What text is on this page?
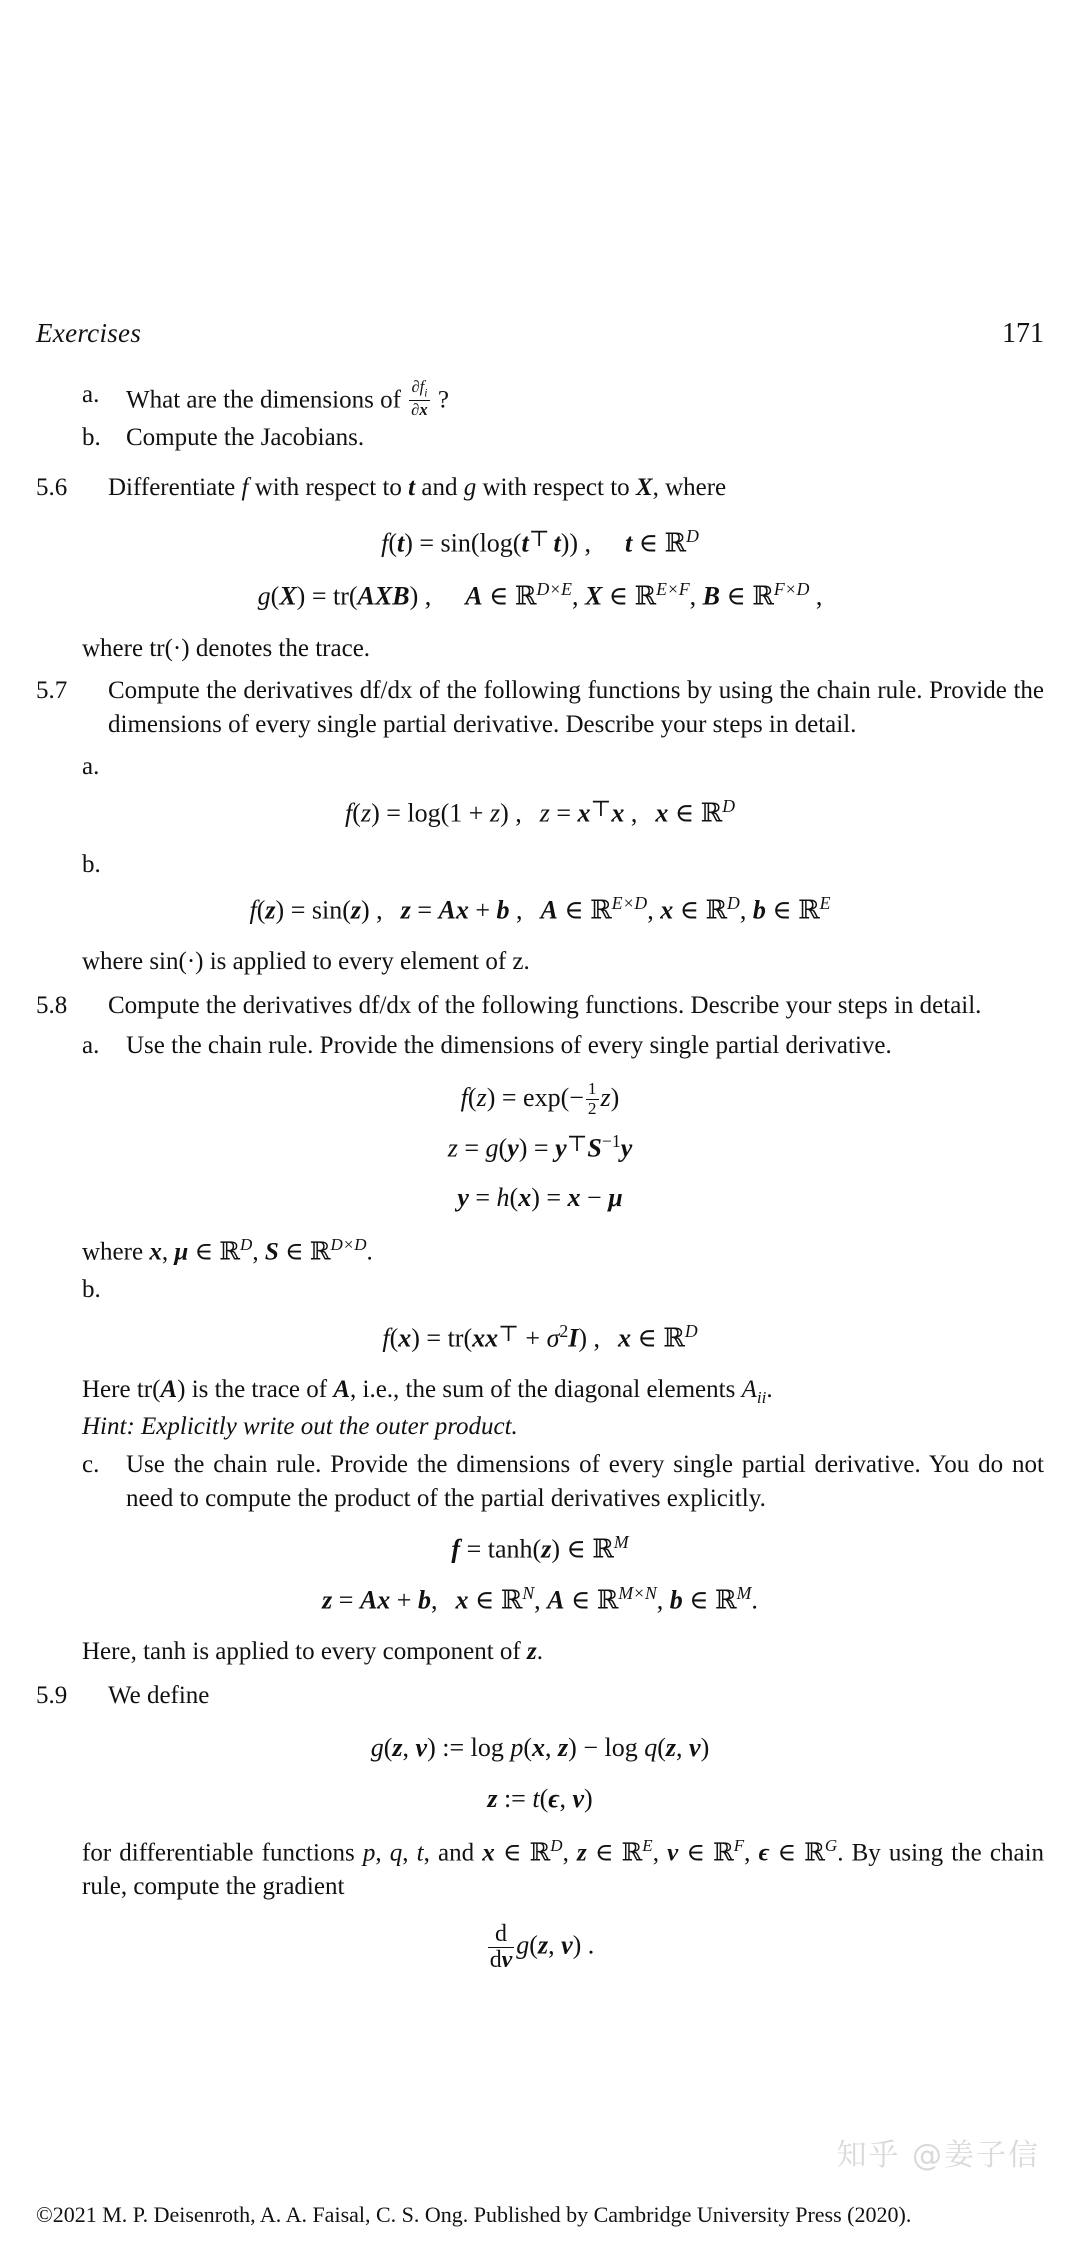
Exercises	171
a.	What are the dimensions of $\frac{\partial f_i}{\partial x}$ ?
b.	Compute the Jacobians.
5.6	Differentiate f with respect to t and g with respect to X, where
f(t) = sin(log(t⊤ t)) , t ∈ ℝ$^D$
g(X) = tr(AXB) , A ∈ ℝ$^{D\times E}$, X ∈ ℝ$^{E\times F}$, B ∈ ℝ$^{F\times D}$ ,
where tr(·) denotes the trace.
5.7	Compute the derivatives df/dx of the following functions by using the chain rule. Provide the dimensions of every single partial derivative. Describe your steps in detail.
a.
f(z) = log(1 + z) , z = x⊤x , x ∈ ℝ$^D$
b.
f(z) = sin(z) , z = Ax + b , A ∈ ℝ$^{E\times D}$, x ∈ ℝ$^D$, b ∈ ℝ$^E$
where sin(·) is applied to every element of z.
5.8	Compute the derivatives df/dx of the following functions. Describe your steps in detail.
a.	Use the chain rule. Provide the dimensions of every single partial derivative.
$f(z) = \exp(- \frac{1}{2} z)$
$z = g(y) = y⊤S^{-1}y$
y = h(x) = x − μ
where x, μ ∈ ℝ$^D$, S ∈ ℝ$^{D\times D}$.
b.
f(x) = tr(xx⊤ + $\sigma^2I$) , x ∈ ℝ$^D$
Here tr(A) is the trace of A, i.e., the sum of the diagonal elements $A_{ii}$.
Hint: Explicitly write out the outer product.
c.	Use the chain rule. Provide the dimensions of every single partial derivative. You do not need to compute the product of the partial derivatives explicitly.
f = tanh(z) ∈ ℝ$^M$
z = Ax + b, x ∈ ℝ$^N$, A ∈ ℝ$^{M\times N}$, b ∈ ℝ$^M$.
Here, tanh is applied to every component of z.
5.9	We define
g(z, ν) := log p(x, z) − log q(z, ν)
z := t(ϵ, ν)
for differentiable functions p, q, t, and x ∈ ℝ$^D$, z ∈ ℝ$^E$, ν ∈ ℝ$^F$, ϵ ∈ ℝ$^G$. By using the chain rule, compute the gradient
$\frac{d}{d\nu} g(z$, ν) .
知乎 @姜子信
©2021 M. P. Deisenroth, A. A. Faisal, C. S. Ong. Published by Cambridge University Press (2020).
